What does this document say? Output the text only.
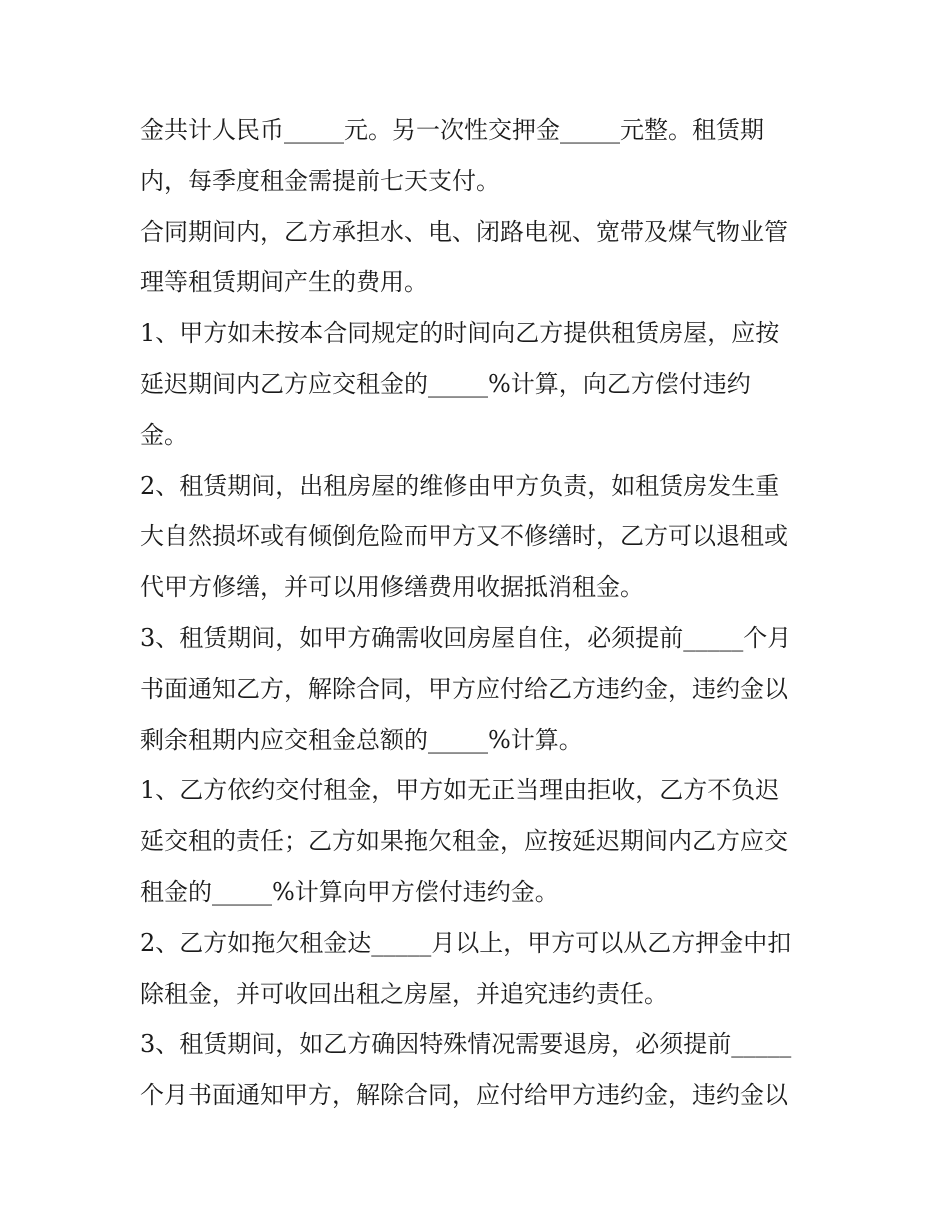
金共计人民币_____元。另一次性交押金_____元整。租赁期

内，每季度租金需提前七天支付。

合同期间内，乙方承担水、电、闭路电视、宽带及煤气物业管

理等租赁期间产生的费用。

1、甲方如未按本合同规定的时间向乙方提供租赁房屋，应按

延迟期间内乙方应交租金的_____%计算，向乙方偿付违约

金。

2、租赁期间，出租房屋的维修由甲方负责，如租赁房发生重

大自然损坏或有倾倒危险而甲方又不修缮时，乙方可以退租或

代甲方修缮，并可以用修缮费用收据抵消租金。

3、租赁期间，如甲方确需收回房屋自住，必须提前_____个月

书面通知乙方，解除合同，甲方应付给乙方违约金，违约金以

剩余租期内应交租金总额的_____%计算。

1、乙方依约交付租金，甲方如无正当理由拒收，乙方不负迟

延交租的责任；乙方如果拖欠租金，应按延迟期间内乙方应交

租金的_____%计算向甲方偿付违约金。

2、乙方如拖欠租金达_____月以上，甲方可以从乙方押金中扣

除租金，并可收回出租之房屋，并追究违约责任。

3、租赁期间，如乙方确因特殊情况需要退房，必须提前_____

个月书面通知甲方，解除合同，应付给甲方违约金，违约金以
